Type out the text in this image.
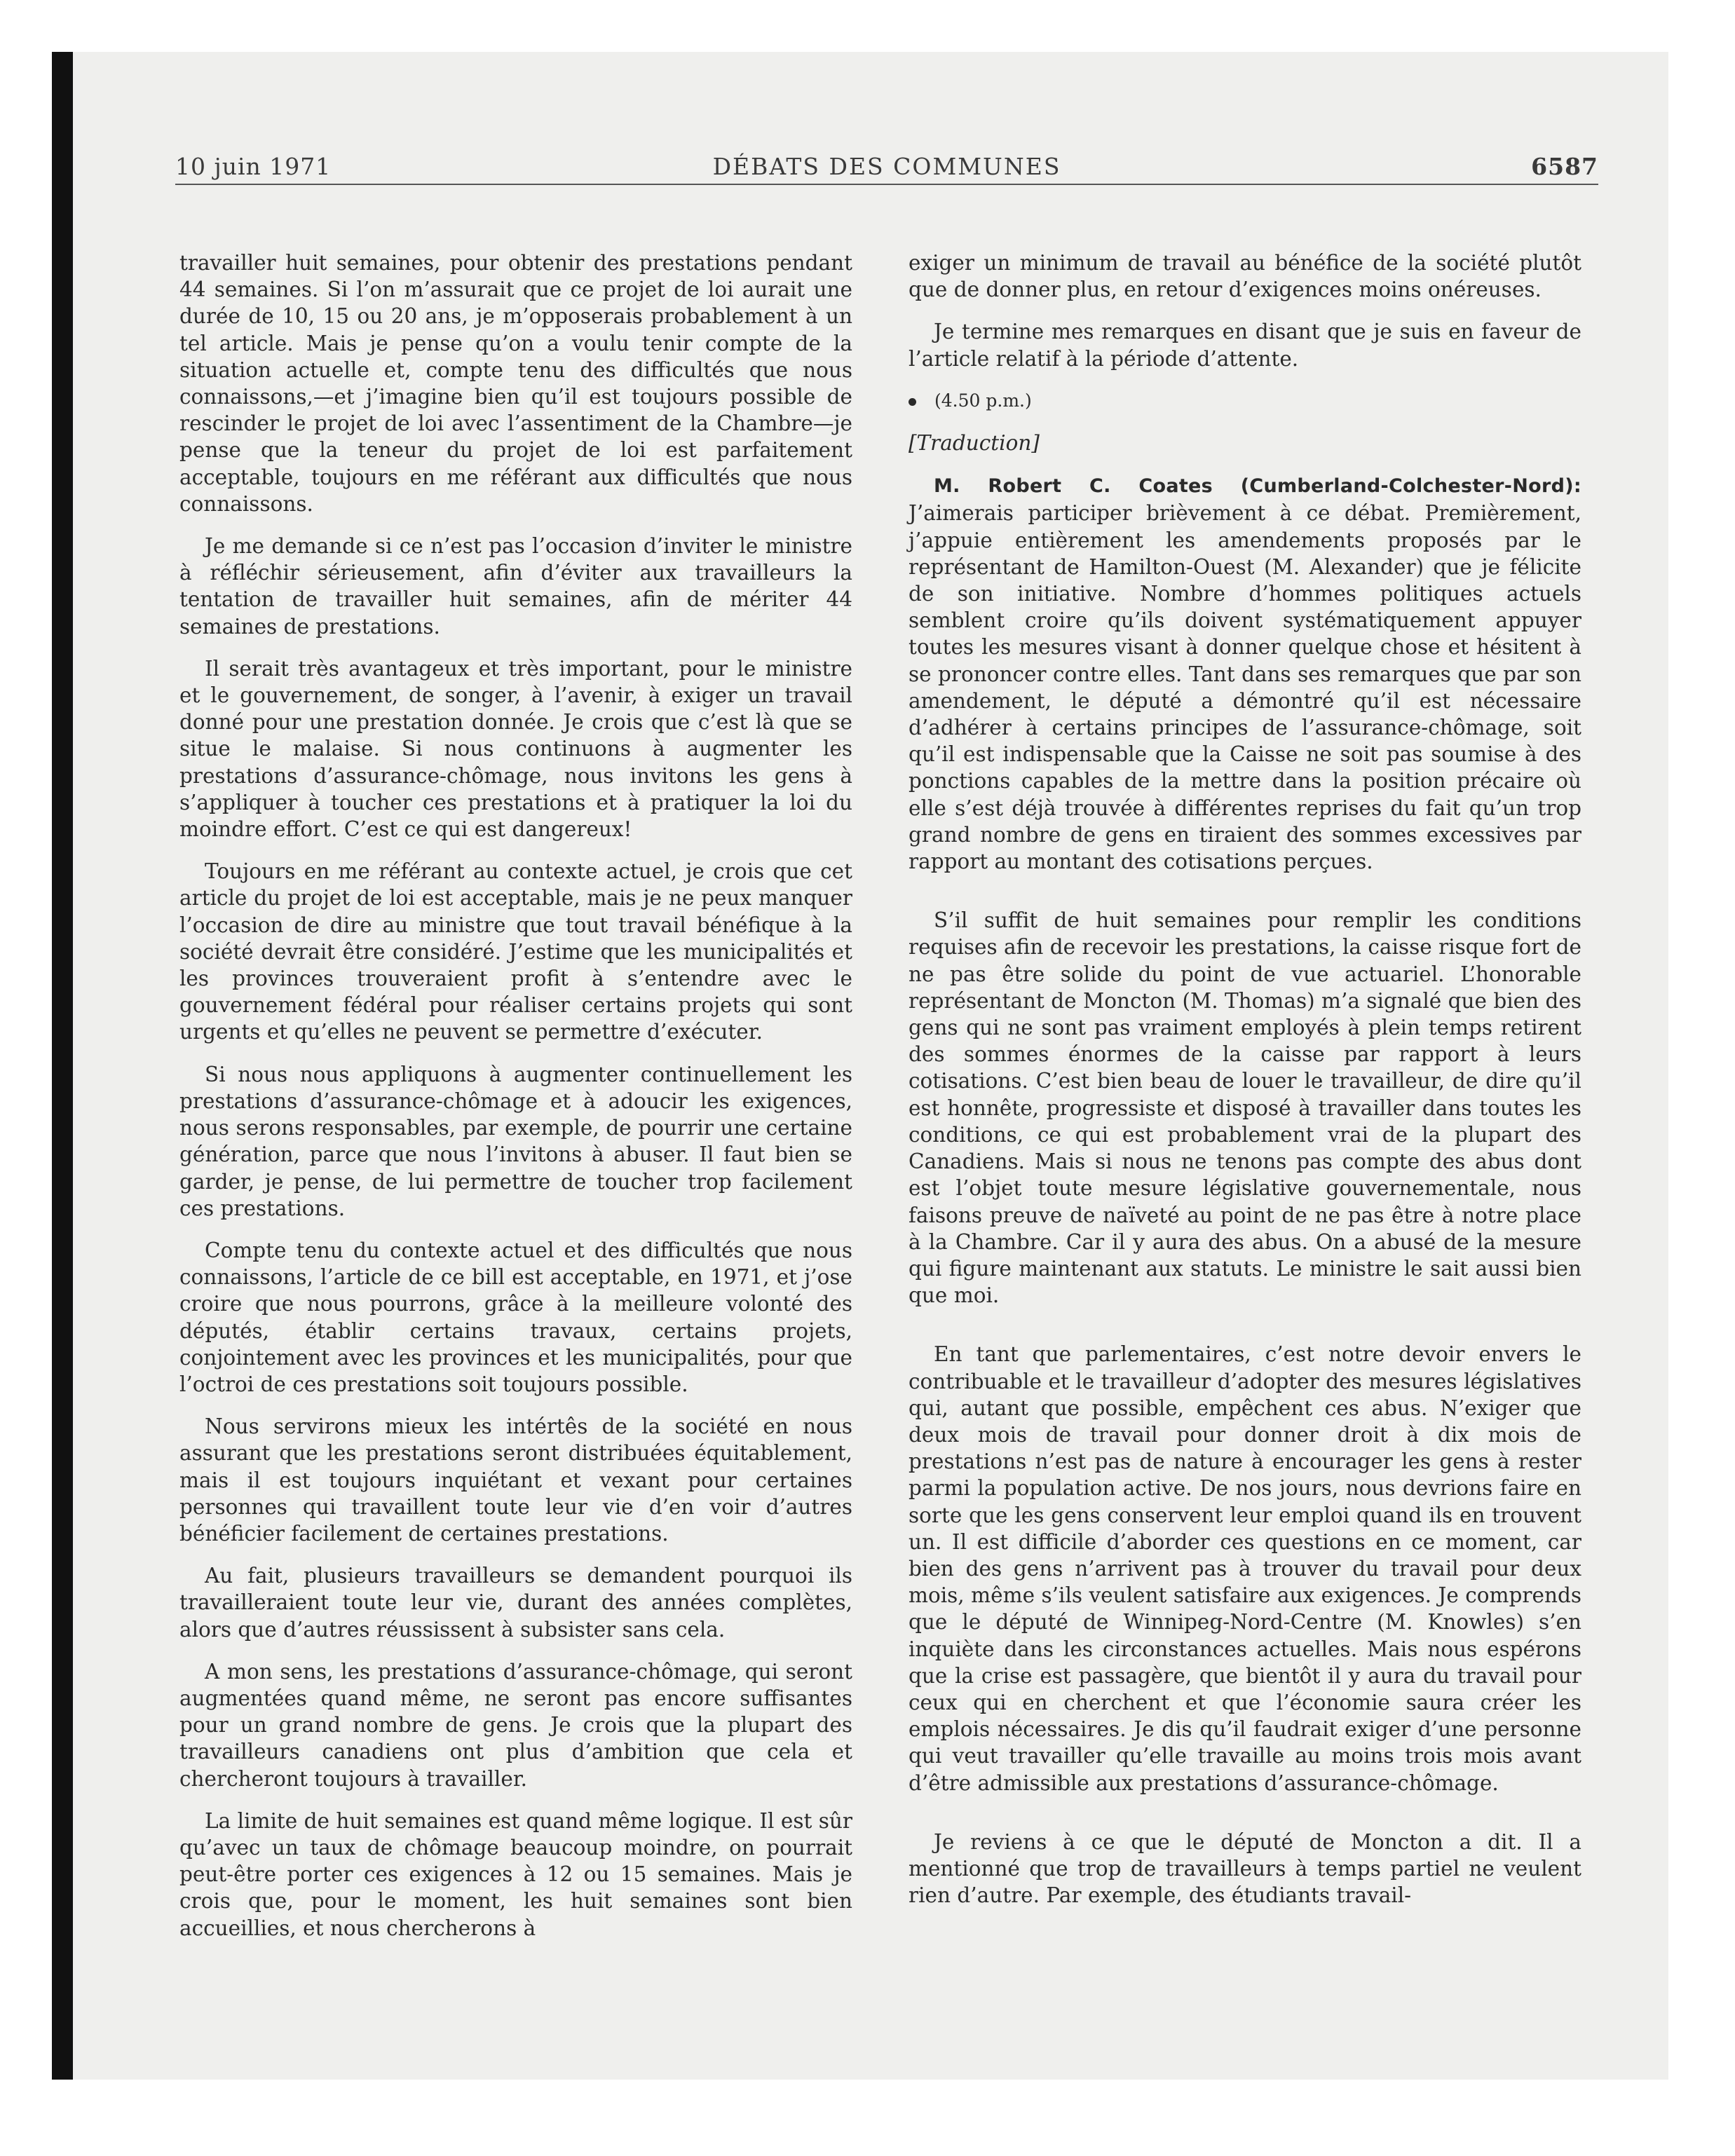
10 juin 1971	DÉBATS DES COMMUNES	6587

travailler huit semaines, pour obtenir des prestations pendant 44 semaines. Si l’on m’assurait que ce projet de loi aurait une durée de 10, 15 ou 20 ans, je m’opposerais probablement à un tel article. Mais je pense qu’on a voulu tenir compte de la situation actuelle et, compte tenu des difficultés que nous connaissons,—et j’imagine bien qu’il est toujours possible de rescinder le projet de loi avec l’assentiment de la Chambre—je pense que la teneur du projet de loi est parfaitement acceptable, toujours en me référant aux difficultés que nous connaissons.

Je me demande si ce n’est pas l’occasion d’inviter le ministre à réfléchir sérieusement, afin d’éviter aux travailleurs la tentation de travailler huit semaines, afin de mériter 44 semaines de prestations.

Il serait très avantageux et très important, pour le ministre et le gouvernement, de songer, à l’avenir, à exiger un travail donné pour une prestation donnée. Je crois que c’est là que se situe le malaise. Si nous continuons à augmenter les prestations d’assurance-chômage, nous invitons les gens à s’appliquer à toucher ces prestations et à pratiquer la loi du moindre effort. C’est ce qui est dangereux!

Toujours en me référant au contexte actuel, je crois que cet article du projet de loi est acceptable, mais je ne peux manquer l’occasion de dire au ministre que tout travail bénéfique à la société devrait être considéré. J’estime que les municipalités et les provinces trouveraient profit à s’entendre avec le gouvernement fédéral pour réaliser certains projets qui sont urgents et qu’elles ne peuvent se permettre d’exécuter.

Si nous nous appliquons à augmenter continuellement les prestations d’assurance-chômage et à adoucir les exigences, nous serons responsables, par exemple, de pourrir une certaine génération, parce que nous l’invitons à abuser. Il faut bien se garder, je pense, de lui permettre de toucher trop facilement ces prestations.

Compte tenu du contexte actuel et des difficultés que nous connaissons, l’article de ce bill est acceptable, en 1971, et j’ose croire que nous pourrons, grâce à la meilleure volonté des députés, établir certains travaux, certains projets, conjointement avec les provinces et les municipalités, pour que l’octroi de ces prestations soit toujours possible.

Nous servirons mieux les intértês de la société en nous assurant que les prestations seront distribuées équitablement, mais il est toujours inquiétant et vexant pour certaines personnes qui travaillent toute leur vie d’en voir d’autres bénéficier facilement de certaines prestations.

Au fait, plusieurs travailleurs se demandent pourquoi ils travailleraient toute leur vie, durant des années complètes, alors que d’autres réussissent à subsister sans cela.

A mon sens, les prestations d’assurance-chômage, qui seront augmentées quand même, ne seront pas encore suffisantes pour un grand nombre de gens. Je crois que la plupart des travailleurs canadiens ont plus d’ambition que cela et chercheront toujours à travailler.

La limite de huit semaines est quand même logique. Il est sûr qu’avec un taux de chômage beaucoup moindre, on pourrait peut-être porter ces exigences à 12 ou 15 semaines. Mais je crois que, pour le moment, les huit semaines sont bien accueillies, et nous chercherons à

exiger un minimum de travail au bénéfice de la société plutôt que de donner plus, en retour d’exigences moins onéreuses.

Je termine mes remarques en disant que je suis en faveur de l’article relatif à la période d’attente.

(4.50 p.m.)

[Traduction]

M. Robert C. Coates (Cumberland-Colchester-Nord): J’aimerais participer brièvement à ce débat. Premièrement, j’appuie entièrement les amendements proposés par le représentant de Hamilton-Ouest (M. Alexander) que je félicite de son initiative. Nombre d’hommes politiques actuels semblent croire qu’ils doivent systématiquement appuyer toutes les mesures visant à donner quelque chose et hésitent à se prononcer contre elles. Tant dans ses remarques que par son amendement, le député a démontré qu’il est nécessaire d’adhérer à certains principes de l’assurance-chômage, soit qu’il est indispensable que la Caisse ne soit pas soumise à des ponctions capables de la mettre dans la position précaire où elle s’est déjà trouvée à différentes reprises du fait qu’un trop grand nombre de gens en tiraient des sommes excessives par rapport au montant des cotisations perçues.

S’il suffit de huit semaines pour remplir les conditions requises afin de recevoir les prestations, la caisse risque fort de ne pas être solide du point de vue actuariel. L’honorable représentant de Moncton (M. Thomas) m’a signalé que bien des gens qui ne sont pas vraiment employés à plein temps retirent des sommes énormes de la caisse par rapport à leurs cotisations. C’est bien beau de louer le travailleur, de dire qu’il est honnête, progressiste et disposé à travailler dans toutes les conditions, ce qui est probablement vrai de la plupart des Canadiens. Mais si nous ne tenons pas compte des abus dont est l’objet toute mesure législative gouvernementale, nous faisons preuve de naïveté au point de ne pas être à notre place à la Chambre. Car il y aura des abus. On a abusé de la mesure qui figure maintenant aux statuts. Le ministre le sait aussi bien que moi.

En tant que parlementaires, c’est notre devoir envers le contribuable et le travailleur d’adopter des mesures législatives qui, autant que possible, empêchent ces abus. N’exiger que deux mois de travail pour donner droit à dix mois de prestations n’est pas de nature à encourager les gens à rester parmi la population active. De nos jours, nous devrions faire en sorte que les gens conservent leur emploi quand ils en trouvent un. Il est difficile d’aborder ces questions en ce moment, car bien des gens n’arrivent pas à trouver du travail pour deux mois, même s’ils veulent satisfaire aux exigences. Je comprends que le député de Winnipeg-Nord-Centre (M. Knowles) s’en inquiète dans les circonstances actuelles. Mais nous espérons que la crise est passagère, que bientôt il y aura du travail pour ceux qui en cherchent et que l’économie saura créer les emplois nécessaires. Je dis qu’il faudrait exiger d’une personne qui veut travailler qu’elle travaille au moins trois mois avant d’être admissible aux prestations d’assurance-chômage.

Je reviens à ce que le député de Moncton a dit. Il a mentionné que trop de travailleurs à temps partiel ne veulent rien d’autre. Par exemple, des étudiants travail-
